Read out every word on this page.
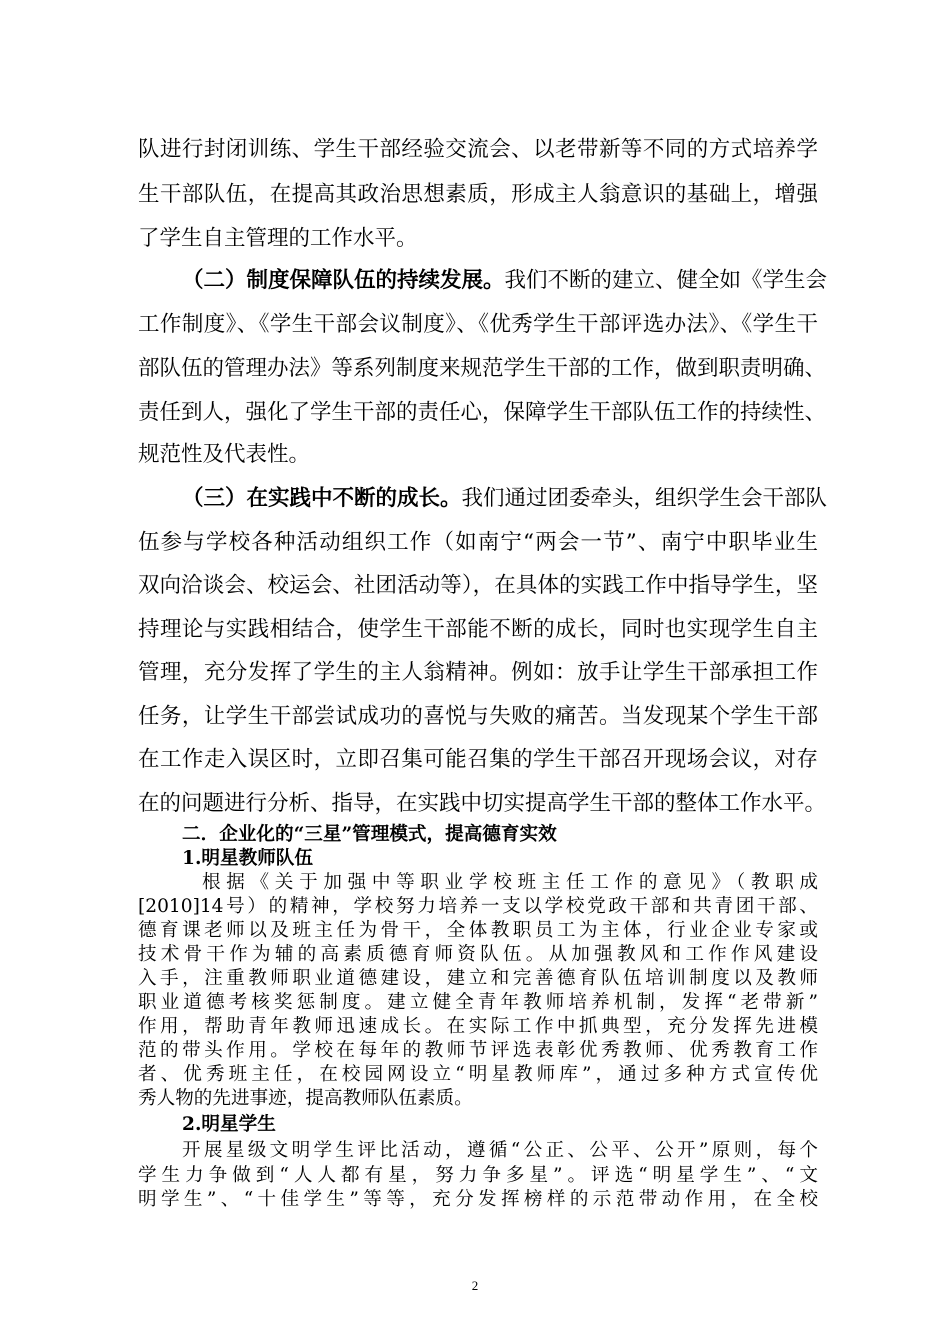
队进行封闭训练、学生干部经验交流会、以老带新等不同的方式培养学
生干部队伍，在提高其政治思想素质，形成主人翁意识的基础上，增强
了学生自主管理的工作水平。
（二）制度保障队伍的持续发展。我们不断的建立、健全如《学生会
工作制度》、《学生干部会议制度》、《优秀学生干部评选办法》、《学生干
部队伍的管理办法》等系列制度来规范学生干部的工作，做到职责明确、
责任到人，强化了学生干部的责任心，保障学生干部队伍工作的持续性、
规范性及代表性。
（三）在实践中不断的成长。我们通过团委牵头，组织学生会干部队
伍参与学校各种活动组织工作（如南宁“两会一节”、南宁中职毕业生
双向洽谈会、校运会、社团活动等），在具体的实践工作中指导学生，坚
持理论与实践相结合，使学生干部能不断的成长，同时也实现学生自主
管理，充分发挥了学生的主人翁精神。例如：放手让学生干部承担工作
任务，让学生干部尝试成功的喜悦与失败的痛苦。当发现某个学生干部
在工作走入误区时，立即召集可能召集的学生干部召开现场会议，对存
在的问题进行分析、指导，在实践中切实提高学生干部的整体工作水平。
二．企业化的“三星”管理模式，提高德育实效
1.明星教师队伍
根据《关于加强中等职业学校班主任工作的意见》（教职成
[2010]14号）的精神，学校努力培养一支以学校党政干部和共青团干部、
德育课老师以及班主任为骨干，全体教职员工为主体，行业企业专家或
技术骨干作为辅的高素质德育师资队伍。从加强教风和工作作风建设
入手，注重教师职业道德建设，建立和完善德育队伍培训制度以及教师
职业道德考核奖惩制度。建立健全青年教师培养机制，发挥“老带新”
作用，帮助青年教师迅速成长。在实际工作中抓典型，充分发挥先进模
范的带头作用。学校在每年的教师节评选表彰优秀教师、优秀教育工作
者、优秀班主任，在校园网设立“明星教师库”，通过多种方式宣传优
秀人物的先进事迹，提高教师队伍素质。
2.明星学生
开展星级文明学生评比活动，遵循“公正、公平、公开”原则，每个
学生力争做到“人人都有星，努力争多星”。评选“明星学生”、“文
明学生”、“十佳学生”等等，充分发挥榜样的示范带动作用，在全校
2
